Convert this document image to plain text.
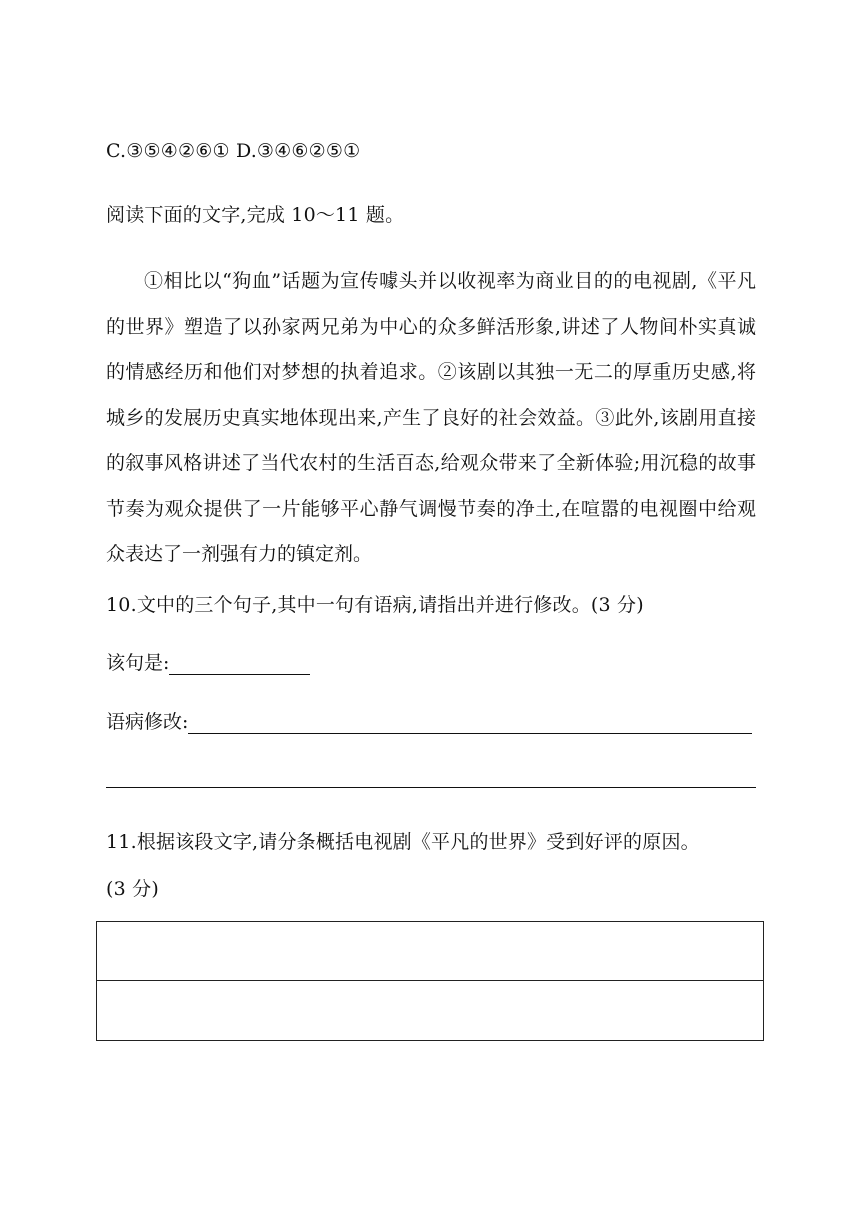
C.③⑤④②⑥① D.③④⑥②⑤①
阅读下面的文字,完成 10～11 题。
①相比以“狗血”话题为宣传噱头并以收视率为商业目的的电视剧,《平凡的世界》塑造了以孙家两兄弟为中心的众多鲜活形象,讲述了人物间朴实真诚的情感经历和他们对梦想的执着追求。②该剧以其独一无二的厚重历史感,将城乡的发展历史真实地体现出来,产生了良好的社会效益。③此外,该剧用直接的叙事风格讲述了当代农村的生活百态,给观众带来了全新体验;用沉稳的故事节奏为观众提供了一片能够平心静气调慢节奏的净土,在喧嚣的电视圈中给观众表达了一剂强有力的镇定剂。
10.文中的三个句子,其中一句有语病,请指出并进行修改。(3 分)
该句是:
语病修改:
11.根据该段文字,请分条概括电视剧《平凡的世界》受到好评的原因。
(3 分)
